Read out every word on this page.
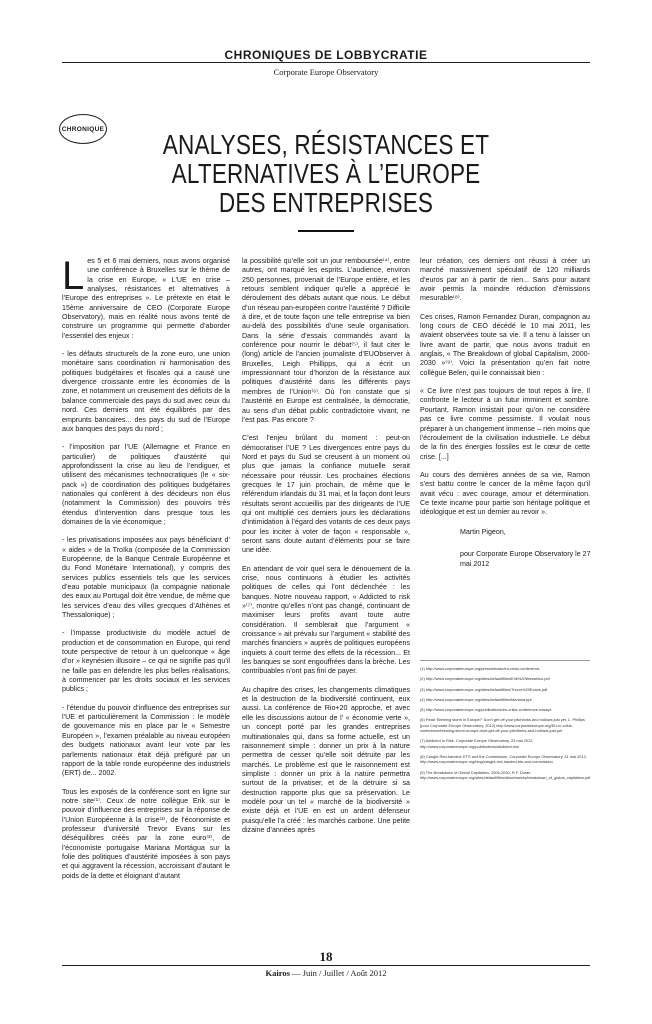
CHRONIQUES DE LOBBYCRATIE
Corporate Europe Observatory
CHRONIQUE	ANALYSES, RÉSISTANCES ET
ALTERNATIVES À L’EUROPE
DES ENTREPRISES

Les 5 et 6 mai derniers, nous avons organisé une conférence à Bruxelles sur le thème de la crise en Europe, « L’UE en crise – analyses, résistances et alternatives à l’Europe des entreprises ». Le prétexte en était le 15ème anniversaire de CEO (Corporate Europe Observatory), mais en réalité nous avons tenté de construire un programme qui permette d’aborder l’essentiel des enjeux :

- les défauts structurels de la zone euro, une union monétaire sans coordination ni harmonisation des politiques budgétaires et fiscales qui a causé une divergence croissante entre les économies de la zone, et notamment un creusement des déficits de la balance commerciale des pays du sud avec ceux du nord. Ces derniers ont été équilibrés par des emprunts bancaires... des pays du sud de l’Europe aux banques des pays du nord ;

- l’imposition par l’UE (Allemagne et France en particulier) de politiques d’austérité qui approfondissent la crise au lieu de l’endiguer, et utilisent des mécanismes technocratiques (le « six-pack ») de coordination des politiques budgétaires nationales qui confèrent à des décideurs non élus (notamment la Commission) des pouvoirs très étendus d’intervention dans presque tous les domaines de la vie économique ;

- les privatisations imposées aux pays bénéficiant d’ « aides » de la Troïka (composée de la Commission Européenne, de la Banque Centrale Européenne et du Fond Monétaire International), y compris des services publics essentiels tels que les services d’eau potable municipaux (la compagnie nationale des eaux au Portugal doit être vendue, de même que les services d’eau des villes grecques d’Athènes et Thessalonique) ;

- l’impasse productiviste du modèle actuel de production et de consommation en Europe, qui rend toute perspective de retour à un quelconque « âge d’or » keynésien illusoire – ce qui ne signifie pas qu’il ne faille pas en défendre les plus belles réalisations, à commencer par les droits sociaux et les services publics ;

- l’étendue du pouvoir d’influence des entreprises sur l’UE et particulièrement la Commission : le modèle de gouvernance mis en place par le « Semestre Européen », l’examen préalable au niveau européen des budgets nationaux avant leur vote par les parlements nationaux était déjà préfiguré par un rapport de la table ronde européenne des industriels (ERT) de... 2002.

Tous les exposés de la conférence sont en ligne sur notre site⁽¹⁾. Ceux de notre collègue Erik sur le pouvoir d’influence des entreprises sur la réponse de l’Union Européenne à la crise⁽²⁾, de l’économiste et professeur d’université Trevor Evans sur les déséquilibres créés par la zone euro⁽³⁾, de l’économiste portugaise Mariana Mortágua sur la folie des politiques d’austérité imposées à son pays et qui aggravent la récession, accroissant d’autant le poids de la dette et éloignant d’autant

la possibilité qu’elle soit un jour remboursée⁽⁴⁾, entre autres, ont marqué les esprits. L’audience, environ 250 personnes, provenait de l’Europe entière, et les retours semblent indiquer qu’elle a apprécié le déroulement des débats autant que nous. Le début d’un réseau pan-européen contre l’austérité ? Difficile à dire, et de toute façon une telle entreprise va bien au-delà des possibilités d’une seule organisation. Dans la série d’essais commandés avant la conférence pour nourrir le débat⁽⁵⁾, il faut citer le (long) article de l’ancien journaliste d’EUObserver à Bruxelles, Leigh Phillipps, qui a écrit un impressionnant tour d’horizon de la résistance aux politiques d’austérité dans les différents pays membres de l’Union⁽⁶⁾. Où l’on constate que si l’austérité en Europe est centralisée, la démocratie, au sens d’un débat public contradictoire vivant, ne l’est pas. Pas encore ?

C’est l’enjeu brûlant du moment : peut-on démocratiser l’UE ? Les divergences entre pays du Nord et pays du Sud se creusent à un moment où plus que jamais la confiance mutuelle serait nécessaire pour réussir. Les prochaines élections grecques le 17 juin prochain, de même que le référendum irlandais du 31 mai, et la façon dont leurs résultats seront accueillis par des dirigeants de l’UE qui ont multiplié ces derniers jours les déclarations d’intimidation à l’égard des votants de ces deux pays pour les inciter à voter de façon « responsable », seront sans doute autant d’éléments pour se faire une idée.

En attendant de voir quel sera le dénouement de la crise, nous continuons à étudier les activités politiques de celles qui l’ont déclenchée : les banques. Notre nouveau rapport, « Addicted to risk »⁽⁷⁾, montre qu’elles n’ont pas changé, continuant de maximiser leurs profits avant toute autre considération. Il semblerait que l’argument « croissance » ait prévalu sur l’argument « stabilité des marchés financiers » auprès de politiques européens inquiets à court terme des effets de la récession... Et les banques se sont engouffrées dans la brèche. Les contribuables n’ont pas fini de payer.

Au chapitre des crises, les changements climatiques et la destruction de la biodiversité continuent, eux aussi. La conférence de Rio+20 approche, et avec elle les discussions autour de l’ « économie verte », un concept porté par les grandes entreprises multinationales qui, dans sa forme actuelle, est un raisonnement simple : donner un prix à la nature permettra de cesser qu’elle soit détruite par les marchés. Le problème est que le raisonnement est simpliste : donner un prix à la nature permettra surtout de la privatiser, et de la détruire si sa destruction rapporte plus que sa préservation. Le modèle pour un tel « marché de la biodiversité » existe déjà et l’UE en est un ardent défenseur puisqu’elle l’a créé : les marchés carbone. Une petite dizaine d’années après

leur création, ces derniers ont réussi à créer un marché massivement spéculatif de 120 milliards d’euros par an à partir de rien... Sans pour autant avoir permis la moindre réduction d’émissions mesurable⁽⁸⁾.

Ces crises, Ramon Fernandez Duran, compagnon au long cours de CEO décédé le 10 mai 2011, les avaient observées toute sa vie. Il a tenu à laisser un livre avant de partir, que nous avons traduit en anglais, « The Breakdown of global Capitalism, 2000-2030 »⁽⁹⁾. Voici la présentation qu’en fait notre collègue Belen, qui le connaissait bien :

« Ce livre n’est pas toujours de tout repos à lire. Il confronte le lecteur à un futur imminent et sombre. Pourtant, Ramon insistait pour qu’on ne considère pas ce livre comme pessimiste. Il voulait nous préparer à un changement immense – rien moins que l’écroulement de la civilisation industrielle. Le début de la fin des énergies fossiles est le cœur de cette crise. [...]

Au cours des dernières années de sa vie, Ramon s’est battu contre le cancer de la même façon qu’il avait vécu : avec courage, amour et détermination. Ce texte incarne pour partie son héritage politique et idéologique et est un dernier au revoir ».

Martin Pigeon,
pour Corporate Europe Observatory le 27 mai 2012

(1) http://www.corporateeurope.org/pressrelease/eu-crisis-conference

(2) http://www.corporateeurope.org/sites/default/files/Erik%20Wesselius.pdf

(3) http://www.corporateeurope.org/sites/default/files/Trevor%20Evans.pdf

(4) http://www.corporateeurope.org/sites/default/files/Mariana.ppt

(5) http://www.corporateeurope.org/publications/eu-crisis-conference-essays

(6) Read ‘Brewing storm in Europe?’ Don’t get off your pitchforks and hollows just yet, L. Phillips (pour Corporate Europe Observatory, 2012) http://www.corporateeurope.org/EU-in-crisis-conference/brewing-storm-europe-dont-get-off-your-pitchforks-and-hollows-just-yet

(7) Addicted to Risk, Corporate Europe Observatory, 23 mai 2012, http://www.corporateeurope.org/publications/addicted-risk

(8) Caught Red-handed: ETS and the Commission, Corporate Europe Observatory, 31 mai 2012, http://www.corporateeurope.org/blog/caught-red-handed-ets-and-commission

(9) The Breakdown of Global Capitalism, 2000-2030, R.F. Duran http://www.corporateeurope.org/sites/default/files/attachments/breakdown_of_global_capitalism.pdf

18
Kairos — Juin / Juillet / Août 2012
